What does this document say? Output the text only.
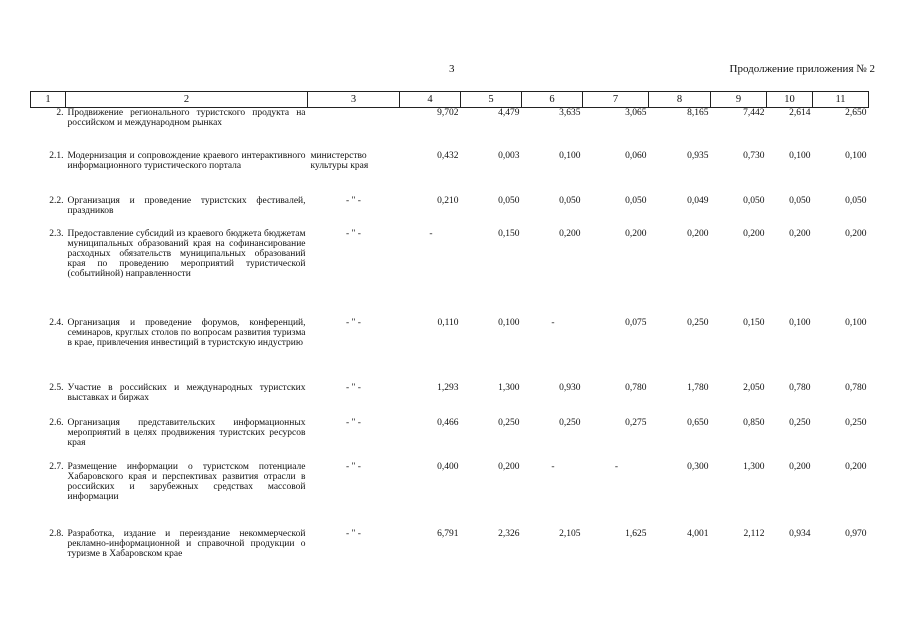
3	Продолжение приложения № 2
1	2	3	4	5	6	7	8	9	10	11
2.	Продвижение регионального туристского продукта на российском и международном рынках		9,702	4,479	3,635	3,065	8,165	7,442	2,614	2,650
2.1.	Модернизация и сопровождение краевого интерактивного информационного туристического портала	министерство культуры края	0,432	0,003	0,100	0,060	0,935	0,730	0,100	0,100
2.2.	Организация и проведение туристских фестивалей, праздников	- " -	0,210	0,050	0,050	0,050	0,049	0,050	0,050	0,050
2.3.	Предоставление субсидий из краевого бюджета бюджетам муниципальных образований края на софинансирование расходных обязательств муниципальных образований края по проведению мероприятий туристической (событийной) направленности	- " -	-	0,150	0,200	0,200	0,200	0,200	0,200	0,200
2.4.	Организация и проведение форумов, конференций, семинаров, круглых столов по вопросам развития туризма в крае, привлечения инвестиций в туристскую индустрию	- " -	0,110	0,100	-	0,075	0,250	0,150	0,100	0,100
2.5.	Участие в российских и международных туристских выставках и биржах	- " -	1,293	1,300	0,930	0,780	1,780	2,050	0,780	0,780
2.6.	Организация представительских информационных мероприятий в целях продвижения туристских ресурсов края	- " -	0,466	0,250	0,250	0,275	0,650	0,850	0,250	0,250
2.7.	Размещение информации о туристском потенциале Хабаровского края и перспективах развития отрасли в российских и зарубежных средствах массовой информации	- " -	0,400	0,200	-	-	0,300	1,300	0,200	0,200
2.8.	Разработка, издание и переиздание некоммерческой рекламно-информационной и справочной продукции о туризме в Хабаровском крае	- " -	6,791	2,326	2,105	1,625	4,001	2,112	0,934	0,970
